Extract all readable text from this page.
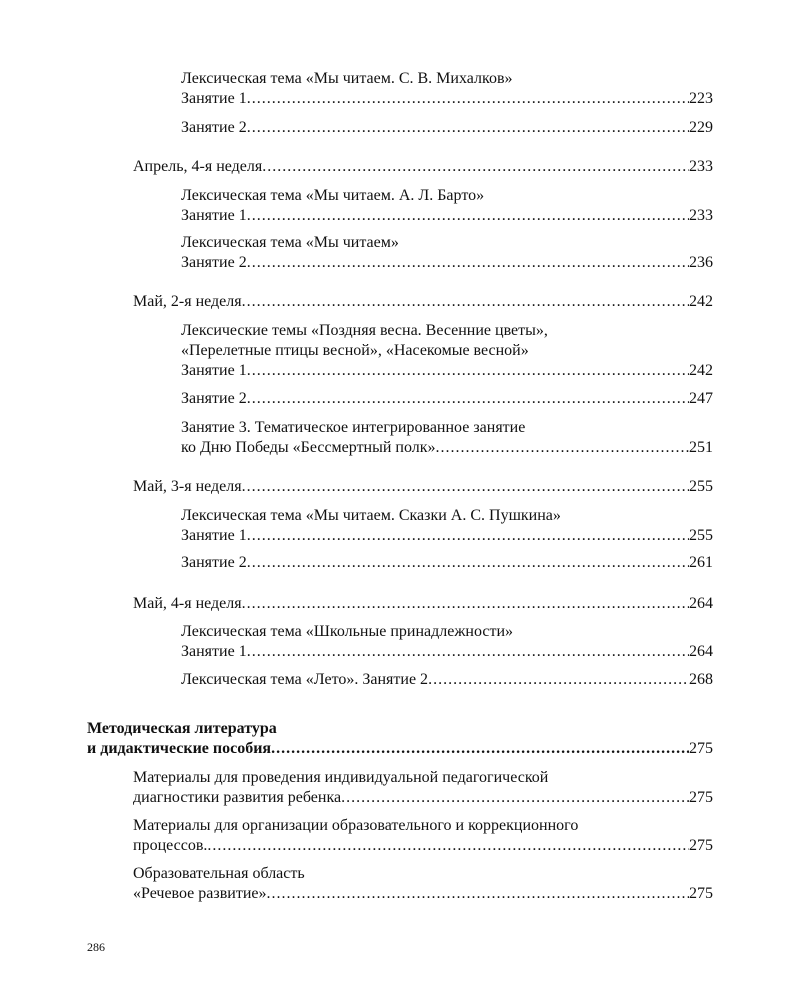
Лексическая тема «Мы читаем. С. В. Михалков»
Занятие 1 .....	223
Занятие 2 .....	229
Апрель, 4-я неделя .....	233
Лексическая тема «Мы читаем. А. Л. Барто»
Занятие 1 .....	233
Лексическая тема «Мы читаем»
Занятие 2 .....	236
Май, 2-я неделя .....	242
Лексические темы «Поздняя весна. Весенние цветы»,
«Перелетные птицы весной», «Насекомые весной»
Занятие 1 .....	242
Занятие 2 .....	247
Занятие 3. Тематическое интегрированное занятие
ко Дню Победы «Бессмертный полк» .....	251
Май, 3-я неделя .....	255
Лексическая тема «Мы читаем. Сказки А. С. Пушкина»
Занятие 1 .....	255
Занятие 2 .....	261
Май, 4-я неделя .....	264
Лексическая тема «Школьные принадлежности»
Занятие 1 .....	264
Лексическая тема «Лето». Занятие 2 .....	268
Методическая литература
и дидактические пособия .....	275
Материалы для проведения индивидуальной педагогической
диагностики развития ребенка .....	275
Материалы для организации образовательного и коррекционного
процессов. .....	275
Образовательная область
«Речевое развитие» .....	275
286
